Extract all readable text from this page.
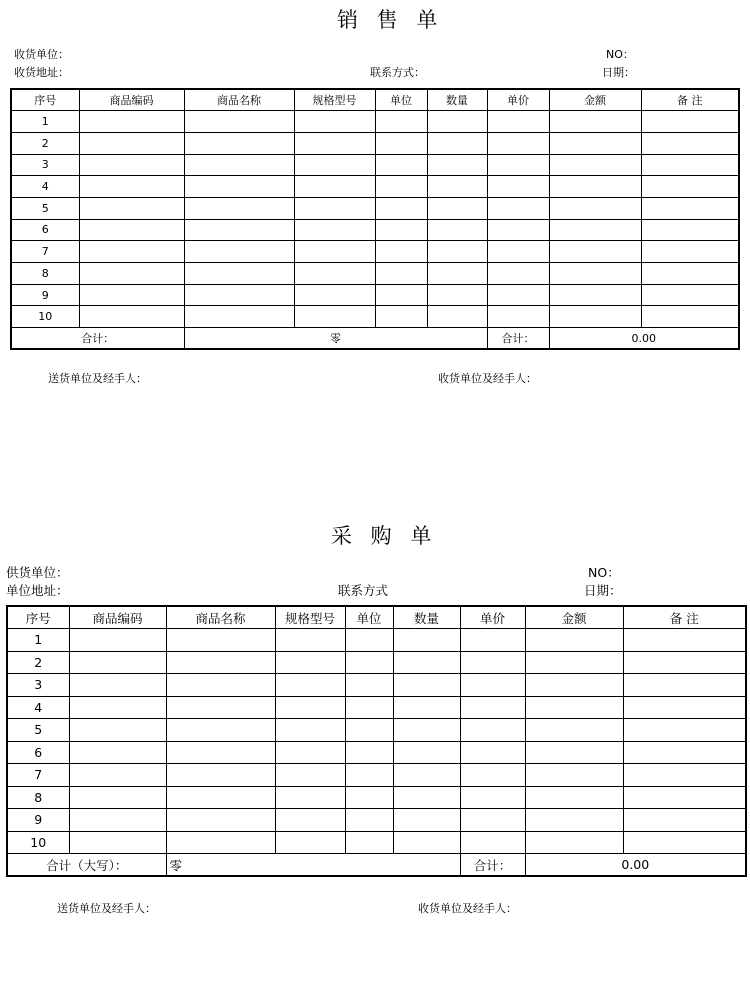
销 售 单
收货单位：	NO：
收货地址：	联系方式：	日期：
序号	商品编码	商品名称	规格型号	单位	数量	单价	金额	备 注
1								
2								
3								
4								
5								
6								
7								
8								
9								
10								
合计：		零				合计：	0.00	
送货单位及经手人：	收货单位及经手人：
采 购 单
供货单位：	NO：
单位地址：	联系方式	日期：
序号	商品编码	商品名称	规格型号	单位	数量	单价	金额	备 注
1								
2								
3								
4								
5								
6								
7								
8								
9								
10								
合计（大写）：		零				合计：	0.00	
送货单位及经手人：	收货单位及经手人：
